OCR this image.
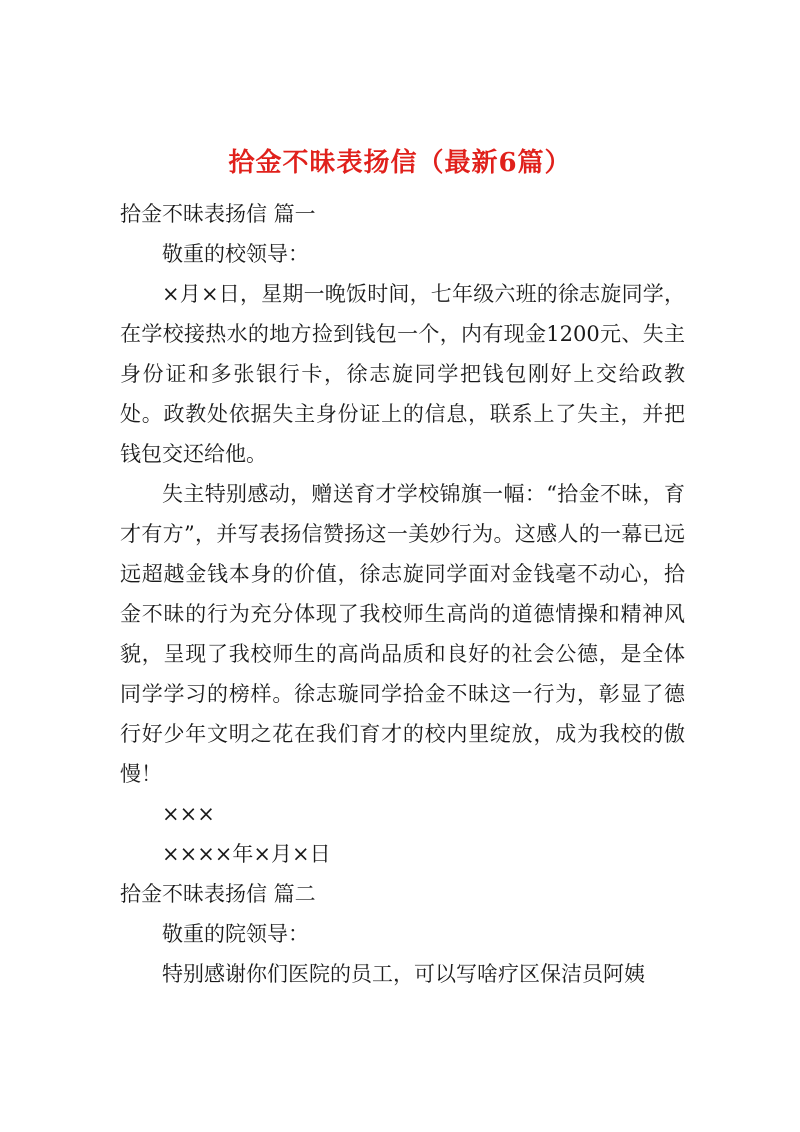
拾金不昧表扬信（最新6篇）

拾金不昧表扬信 篇一

敬重的校领导：

×月×日，星期一晚饭时间，七年级六班的徐志旋同学，在学校接热水的地方捡到钱包一个，内有现金1200元、失主身份证和多张银行卡，徐志旋同学把钱包刚好上交给政教处。政教处依据失主身份证上的信息，联系上了失主，并把钱包交还给他。

失主特别感动，赠送育才学校锦旗一幅：“拾金不昧，育才有方”，并写表扬信赞扬这一美妙行为。这感人的一幕已远远超越金钱本身的价值，徐志旋同学面对金钱毫不动心，拾金不昧的行为充分体现了我校师生高尚的道德情操和精神风貌，呈现了我校师生的高尚品质和良好的社会公德，是全体同学学习的榜样。徐志璇同学拾金不昧这一行为，彰显了德行好少年文明之花在我们育才的校内里绽放，成为我校的傲慢！

×××

××××年×月×日

拾金不昧表扬信 篇二

敬重的院领导：

特别感谢你们医院的员工，可以写啥疗区保洁员阿姨
